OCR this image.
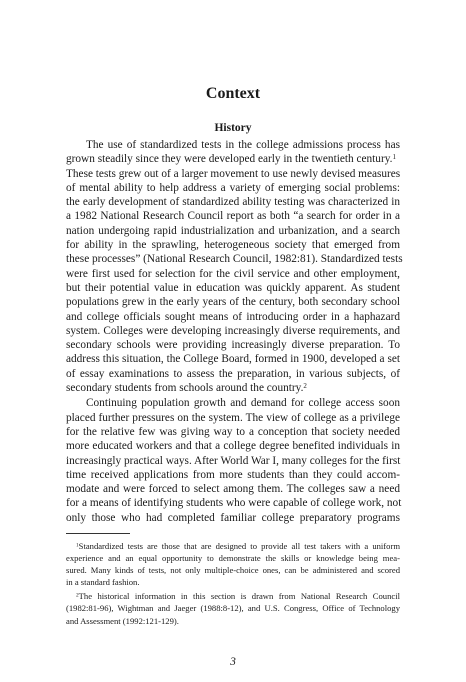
Context
History
The use of standardized tests in the college admissions process has
grown steadily since they were developed early in the twentieth century.$^1$
These tests grew out of a larger movement to use newly devised measures
of mental ability to help address a variety of emerging social problems:
the early development of standardized ability testing was characterized in
a 1982 National Research Council report as both “a search for order in a
nation undergoing rapid industrialization and urbanization, and a search
for ability in the sprawling, heterogeneous society that emerged from
these processes” (National Research Council, 1982:81). Standardized tests
were first used for selection for the civil service and other employment,
but their potential value in education was quickly apparent. As student
populations grew in the early years of the century, both secondary school
and college officials sought means of introducing order in a haphazard
system. Colleges were developing increasingly diverse requirements, and
secondary schools were providing increasingly diverse preparation. To
address this situation, the College Board, formed in 1900, developed a set
of essay examinations to assess the preparation, in various subjects, of
secondary students from schools around the country.$^2$
Continuing population growth and demand for college access soon
placed further pressures on the system. The view of college as a privilege
for the relative few was giving way to a conception that society needed
more educated workers and that a college degree benefited individuals in
increasingly practical ways. After World War I, many colleges for the first
time received applications from more students than they could accom-
modate and were forced to select among them. The colleges saw a need
for a means of identifying students who were capable of college work, not
only those who had completed familiar college preparatory programs
$^1$Standardized tests are those that are designed to provide all test takers with a uniform
experience and an equal opportunity to demonstrate the skills or knowledge being mea-
sured. Many kinds of tests, not only multiple-choice ones, can be administered and scored
in a standard fashion.
$^2$The historical information in this section is drawn from National Research Council
(1982:81-96), Wightman and Jaeger (1988:8-12), and U.S. Congress, Office of Technology
and Assessment (1992:121-129).
3
